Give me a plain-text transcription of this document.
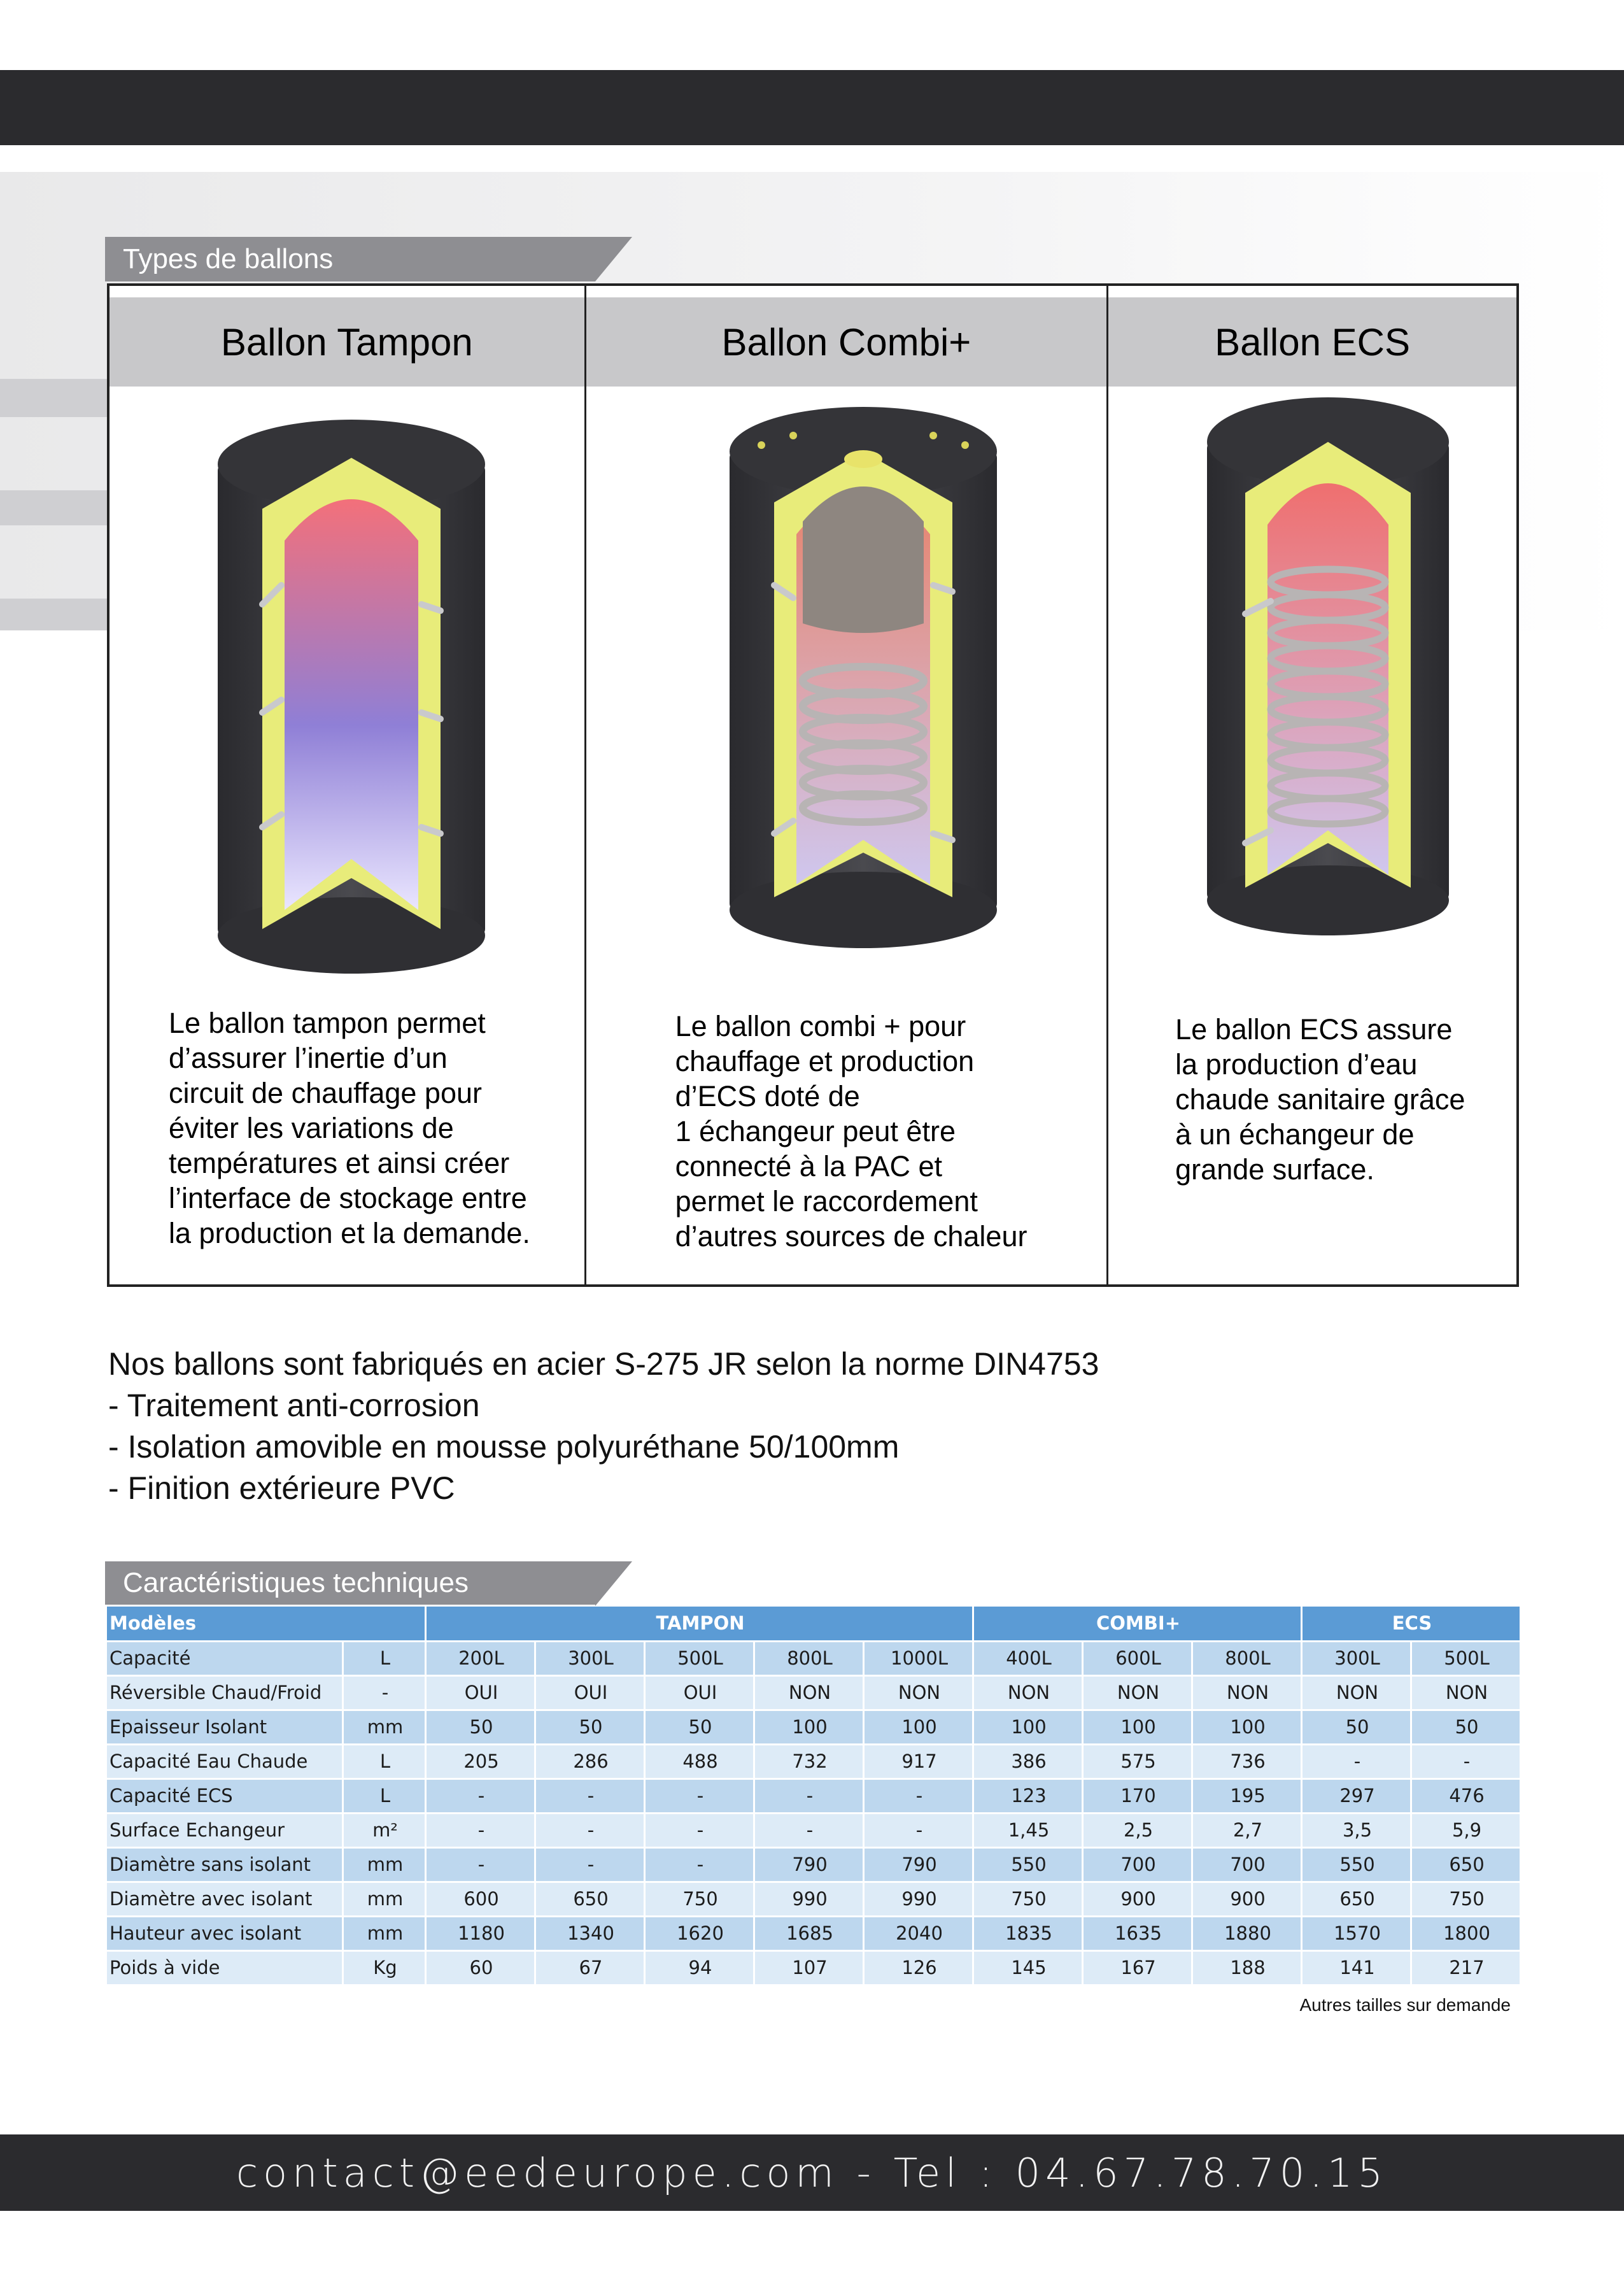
Types de ballons
Ballon Tampon
Le ballon tampon permet
d’assurer l’inertie d’un
circuit de chauffage pour
éviter les variations de
températures et ainsi créer
l’interface de stockage entre
la production et la demande.
Ballon Combi+
Le ballon combi + pour
chauffage et production
d’ECS doté de
1 échangeur peut être
connecté à la PAC et
permet le raccordement
d’autres sources de chaleur
Ballon ECS
Le ballon ECS assure
la production d’eau
chaude sanitaire grâce
à un échangeur de
grande surface.
Nos ballons sont fabriqués en acier S-275 JR selon la norme DIN4753
- Traitement anti-corrosion
- Isolation amovible en mousse polyuréthane 50/100mm
- Finition extérieure PVC
Caractéristiques techniques
Modèles		TAMPON					COMBI+			ECS	
Capacité	L	200L	300L	500L	800L	1000L	400L	600L	800L	300L	500L
Réversible Chaud/Froid	-	OUI	OUI	OUI	NON	NON	NON	NON	NON	NON	NON
Epaisseur Isolant	mm	50	50	50	100	100	100	100	100	50	50
Capacité Eau Chaude	L	205	286	488	732	917	386	575	736	-	-
Capacité ECS	L	-	-	-	-	-	123	170	195	297	476
Surface Echangeur	m²	-	-	-	-	-	1,45	2,5	2,7	3,5	5,9
Diamètre sans isolant	mm	-	-	-	790	790	550	700	700	550	650
Diamètre avec isolant	mm	600	650	750	990	990	750	900	900	650	750
Hauteur avec isolant	mm	1180	1340	1620	1685	2040	1835	1635	1880	1570	1800
Poids à vide	Kg	60	67	94	107	126	145	167	188	141	217
Autres tailles sur demande
contact@eedeurope.com - Tel : 04.67.78.70.15
